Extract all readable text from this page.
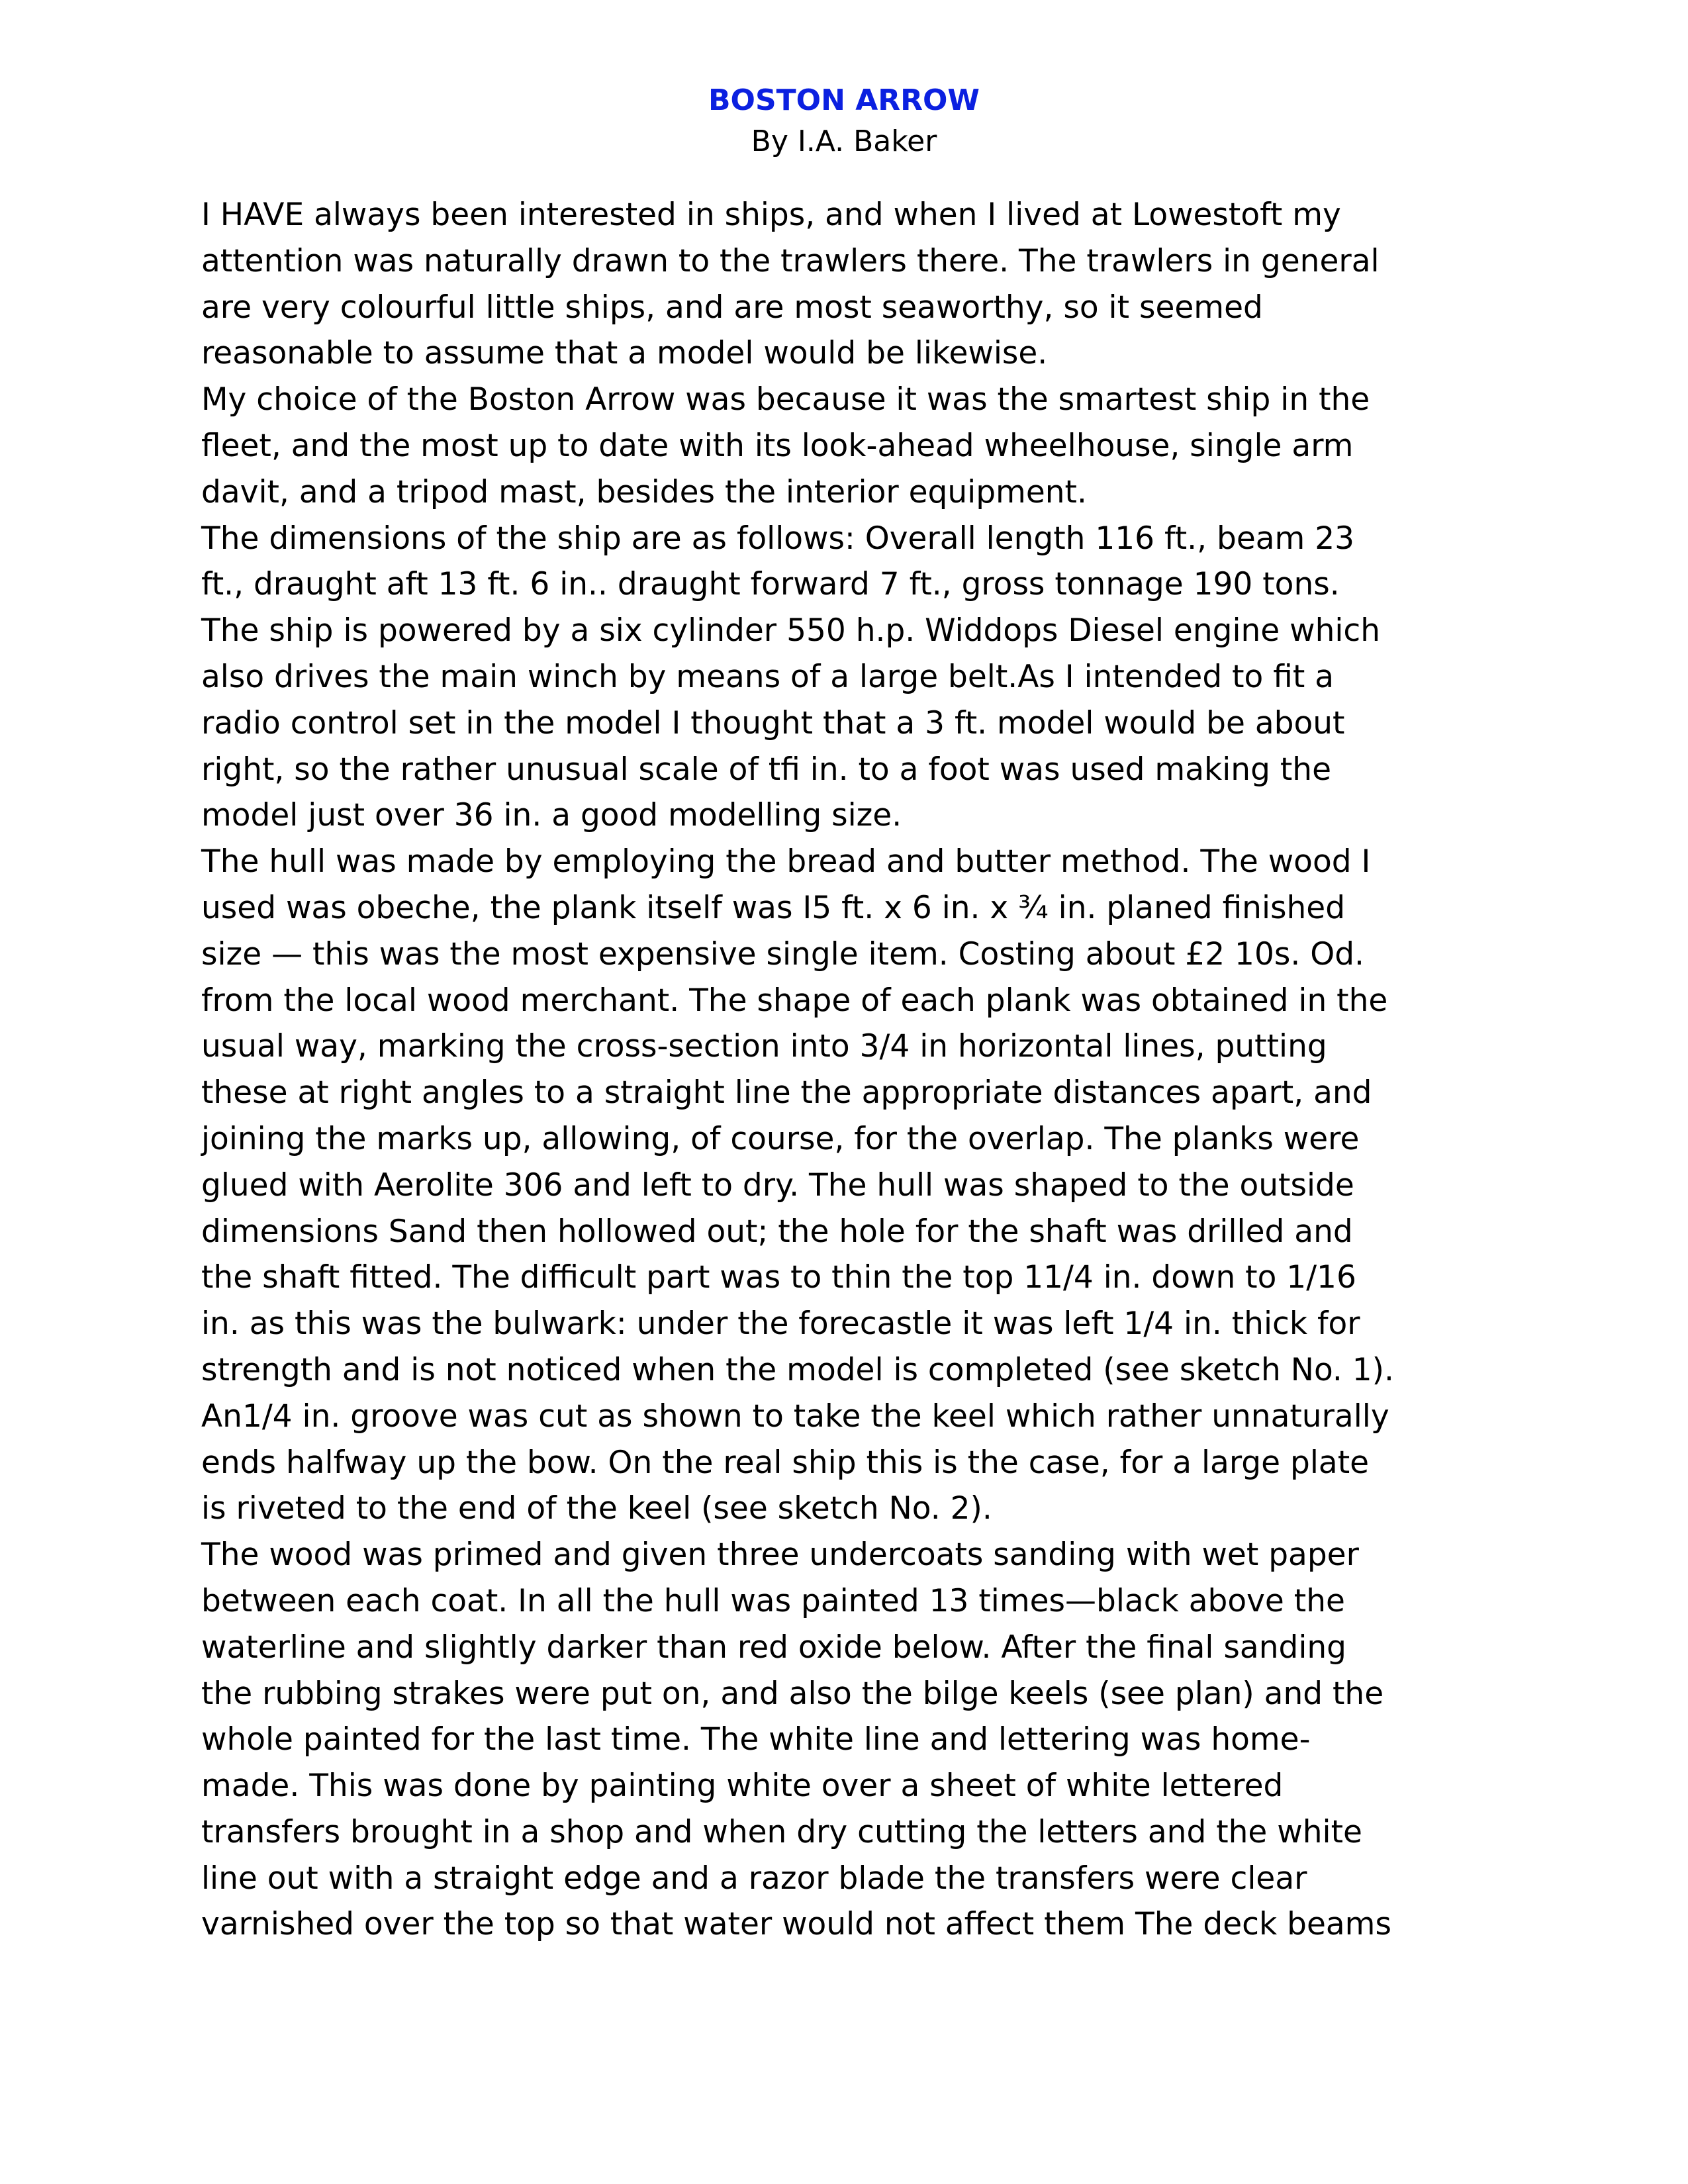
BOSTON ARROW
By I.A. Baker
I HAVE always been interested in ships, and when I lived at Lowestoft my
attention was naturally drawn to the trawlers there. The trawlers in general
are very colourful little ships, and are most seaworthy, so it seemed
reasonable to assume that a model would be likewise.
My choice of the Boston Arrow was because it was the smartest ship in the
fleet, and the most up to date with its look-ahead wheelhouse, single arm
davit, and a tripod mast, besides the interior equipment.
The dimensions of the ship are as follows: Overall length 116 ft., beam 23
ft., draught aft 13 ft. 6 in.. draught forward 7 ft., gross tonnage 190 tons.
The ship is powered by a six cylinder 550 h.p. Widdops Diesel engine which
also drives the main winch by means of a large belt.As I intended to fit a
radio control set in the model I thought that a 3 ft. model would be about
right, so the rather unusual scale of tfi in. to a foot was used making the
model just over 36 in. a good modelling size.
The hull was made by employing the bread and butter method. The wood I
used was obeche, the plank itself was I5 ft. x 6 in. x ¾ in. planed finished
size — this was the most expensive single item. Costing about £2 10s. Od.
from the local wood merchant. The shape of each plank was obtained in the
usual way, marking the cross-section into 3/4 in horizontal lines, putting
these at right angles to a straight line the appropriate distances apart, and
joining the marks up, allowing, of course, for the overlap. The planks were
glued with Aerolite 306 and left to dry. The hull was shaped to the outside
dimensions Sand then hollowed out; the hole for the shaft was drilled and
the shaft fitted. The difficult part was to thin the top 11/4 in. down to 1/16
in. as this was the bulwark: under the forecastle it was left 1/4 in. thick for
strength and is not noticed when the model is completed (see sketch No. 1).
An1/4 in. groove was cut as shown to take the keel which rather unnaturally
ends halfway up the bow. On the real ship this is the case, for a large plate
is riveted to the end of the keel (see sketch No. 2).
The wood was primed and given three undercoats sanding with wet paper
between each coat. In all the hull was painted 13 times—black above the
waterline and slightly darker than red oxide below. After the final sanding
the rubbing strakes were put on, and also the bilge keels (see plan) and the
whole painted for the last time. The white line and lettering was home-
made. This was done by painting white over a sheet of white lettered
transfers brought in a shop and when dry cutting the letters and the white
line out with a straight edge and a razor blade the transfers were clear
varnished over the top so that water would not affect them The deck beams
